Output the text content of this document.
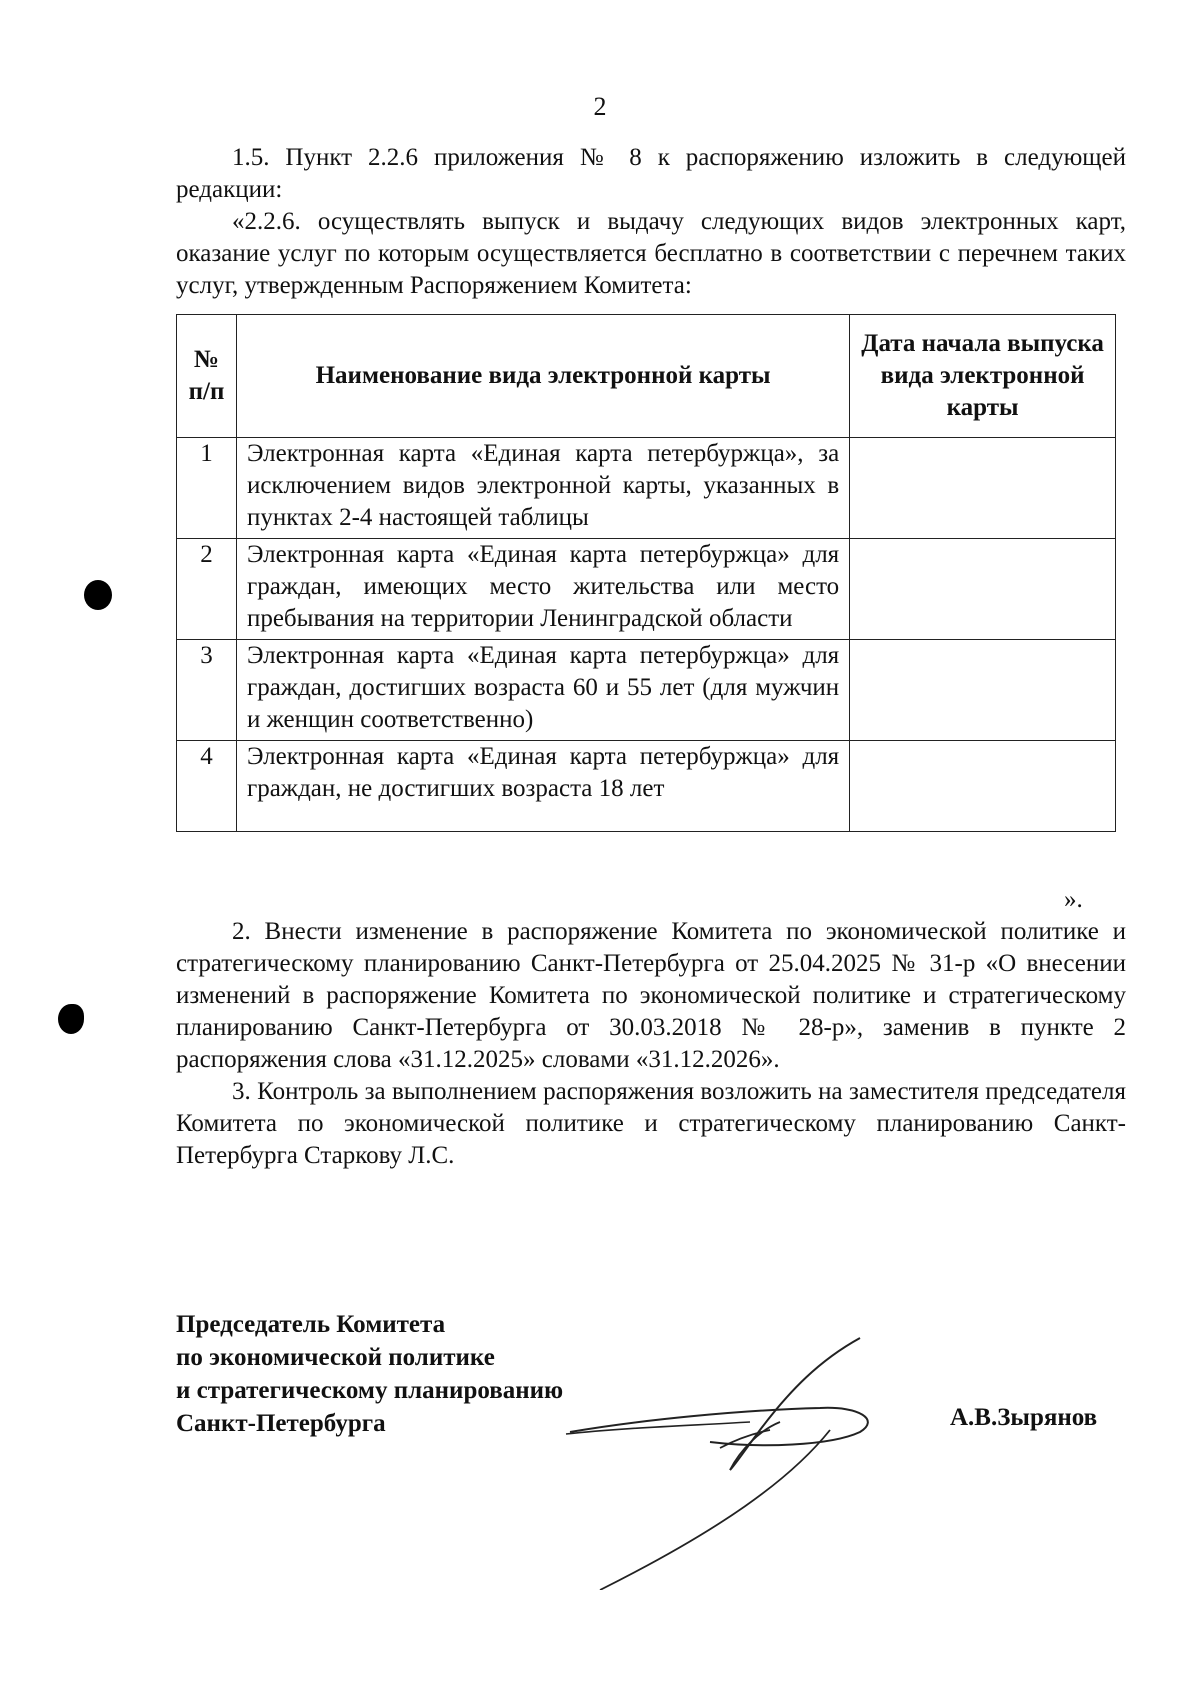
2

1.5. Пункт 2.2.6 приложения № 8 к распоряжению изложить в следующей редакции:

«2.2.6. осуществлять выпуск и выдачу следующих видов электронных карт, оказание услуг по которым осуществляется бесплатно в соответствии с перечнем таких услуг, утвержденным Распоряжением Комитета:

№ п/п	Наименование вида электронной карты	Дата начала выпуска вида электронной карты
1	Электронная карта «Единая карта петербуржца», за исключением видов электронной карты, указанных в пунктах 2-4 настоящей таблицы	
2	Электронная карта «Единая карта петербуржца» для граждан, имеющих место жительства или место пребывания на территории Ленинградской области	
3	Электронная карта «Единая карта петербуржца» для граждан, достигших возраста 60 и 55 лет (для мужчин и женщин соответственно)	
4	Электронная карта «Единая карта петербуржца» для граждан, не достигших возраста 18 лет	
».

2. Внести изменение в распоряжение Комитета по экономической политике и стратегическому планированию Санкт-Петербурга от 25.04.2025 № 31-р «О внесении изменений в распоряжение Комитета по экономической политике и стратегическому планированию Санкт-Петербурга от 30.03.2018 № 28-р», заменив в пункте 2 распоряжения слова «31.12.2025» словами «31.12.2026».

3. Контроль за выполнением распоряжения возложить на заместителя председателя Комитета по экономической политике и стратегическому планированию Санкт-Петербурга Старкову Л.С.

Председатель Комитета
по экономической политике
и стратегическому планированию
Санкт-Петербурга	А.В.Зырянов
